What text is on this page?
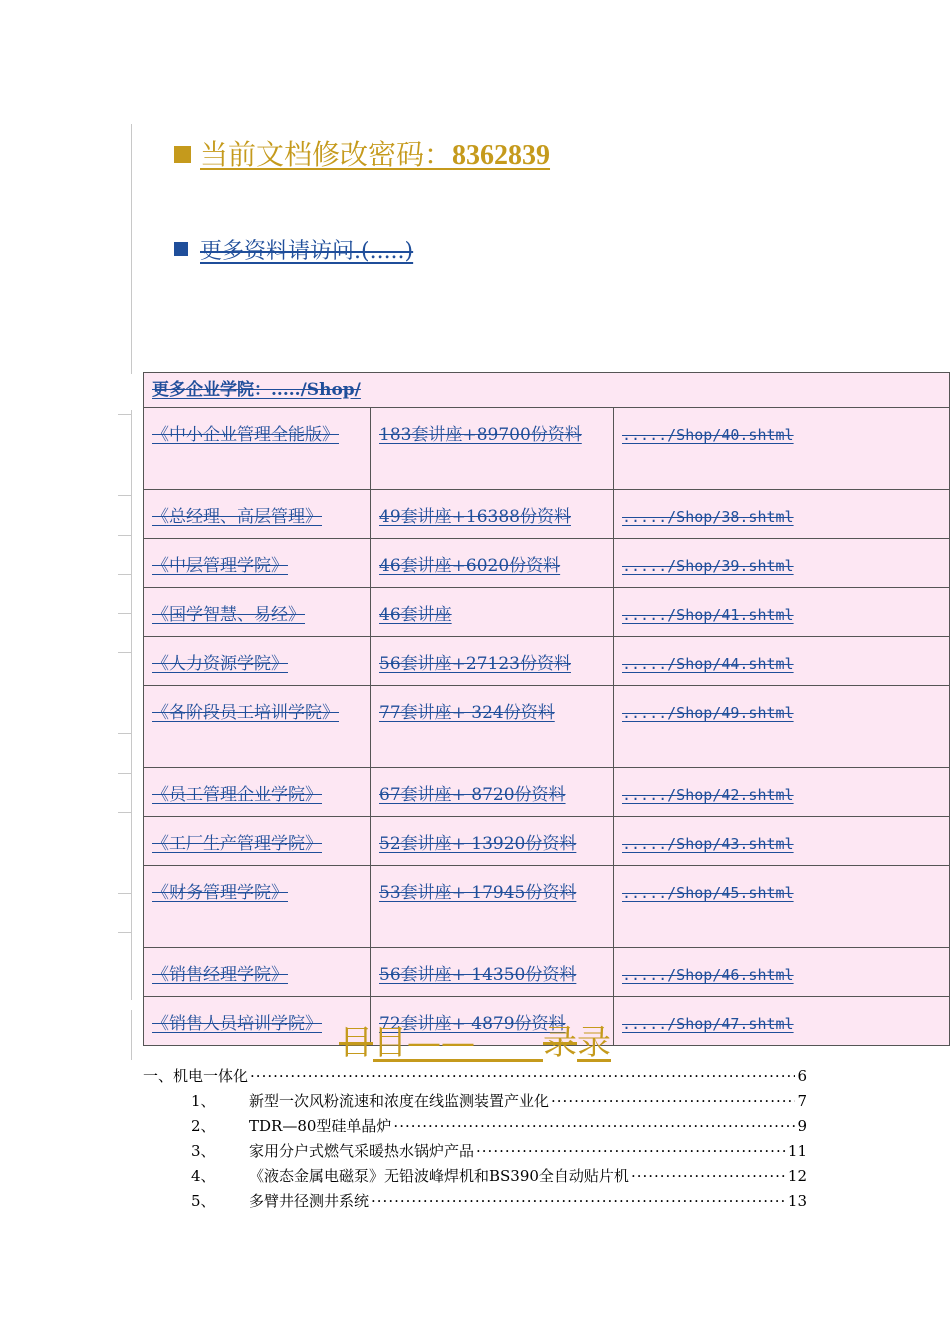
当前文档修改密码：8362839
更多资料请访问.(.....)
更多企业学院：...../Shop/		
《中小企业管理全能版》	183套讲座+89700份资料	...../Shop/40.shtml
《总经理、高层管理》	49套讲座+16388份资料	...../Shop/38.shtml
《中层管理学院》	46套讲座+6020份资料	...../Shop/39.shtml
《国学智慧、易经》	46套讲座	...../Shop/41.shtml
《人力资源学院》	56套讲座+27123份资料	...../Shop/44.shtml
《各阶段员工培训学院》	77套讲座+ 324份资料	...../Shop/49.shtml
《员工管理企业学院》	67套讲座+ 8720份资料	...../Shop/42.shtml
《工厂生产管理学院》	52套讲座+ 13920份资料	...../Shop/43.shtml
《财务管理学院》	53套讲座+ 17945份资料	...../Shop/45.shtml
《销售经理学院》	56套讲座+ 14350份资料	...../Shop/46.shtml
《销售人员培训学院》	72套讲座+ 4879份资料	...../Shop/47.shtml
目目——____录录
一、 机电一体化 ·····	6
1、	新型一次风粉流速和浓度在线监测装置产业化 ·····	7
2、	TDR—80型硅单晶炉 ·····	9
3、	家用分户式燃气采暖热水锅炉产品 ·····	11
4、	《液态金属电磁泵》无铅波峰焊机和BS390全自动贴片机 ·····	12
5、	多臂井径测井系统 ·····	13
